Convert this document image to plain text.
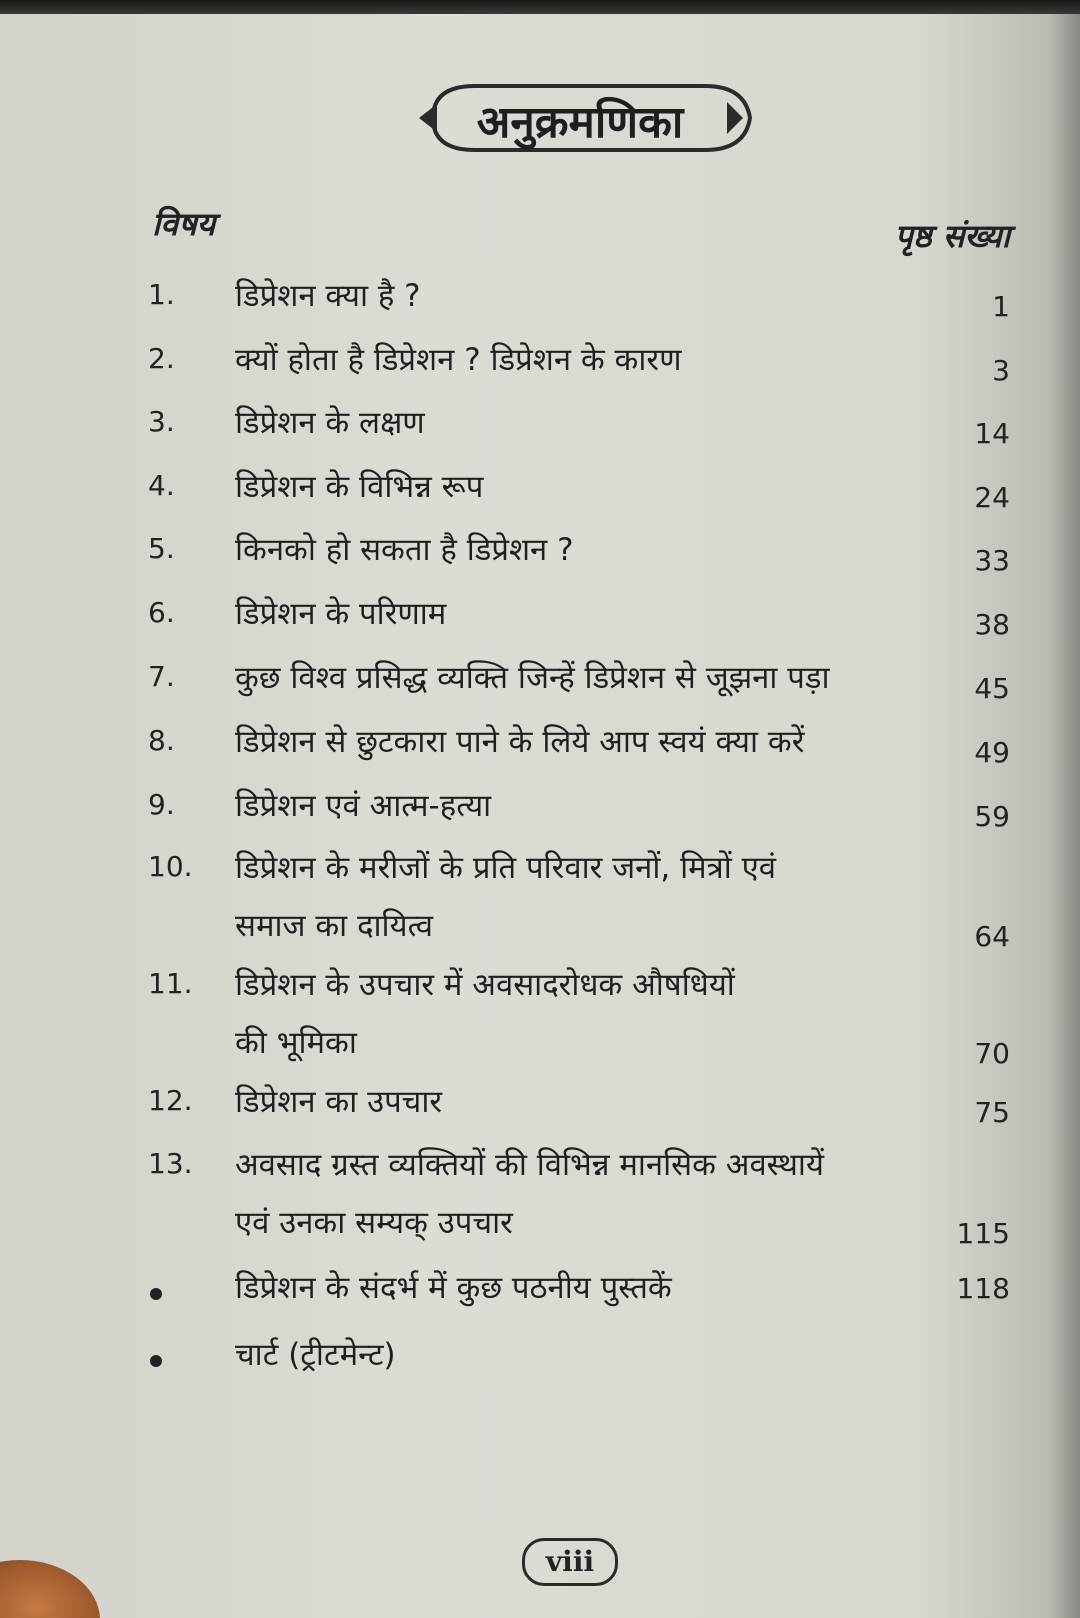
अनुक्रमणिका
विषय	पृष्ठ संख्या
1. डिप्रेशन क्या है ?	1
2. क्यों होता है डिप्रेशन ? डिप्रेशन के कारण	3
3. डिप्रेशन के लक्षण	14
4. डिप्रेशन के विभिन्न रूप	24
5. किनको हो सकता है डिप्रेशन ?	33
6. डिप्रेशन के परिणाम	38
7. कुछ विश्व प्रसिद्ध व्यक्ति जिन्हें डिप्रेशन से जूझना पड़ा	45
8. डिप्रेशन से छुटकारा पाने के लिये आप स्वयं क्या करें	49
9. डिप्रेशन एवं आत्म-हत्या	59
10. डिप्रेशन के मरीजों के प्रति परिवार जनों, मित्रों एवं
समाज का दायित्व	64
11. डिप्रेशन के उपचार में अवसादरोधक औषधियों
की भूमिका	70
12. डिप्रेशन का उपचार	75
13. अवसाद ग्रस्त व्यक्तियों की विभिन्न मानसिक अवस्थायें
एवं उनका सम्यक् उपचार	115
डिप्रेशन के संदर्भ में कुछ पठनीय पुस्तकें	118
चार्ट (ट्रीटमेन्ट)
viii
